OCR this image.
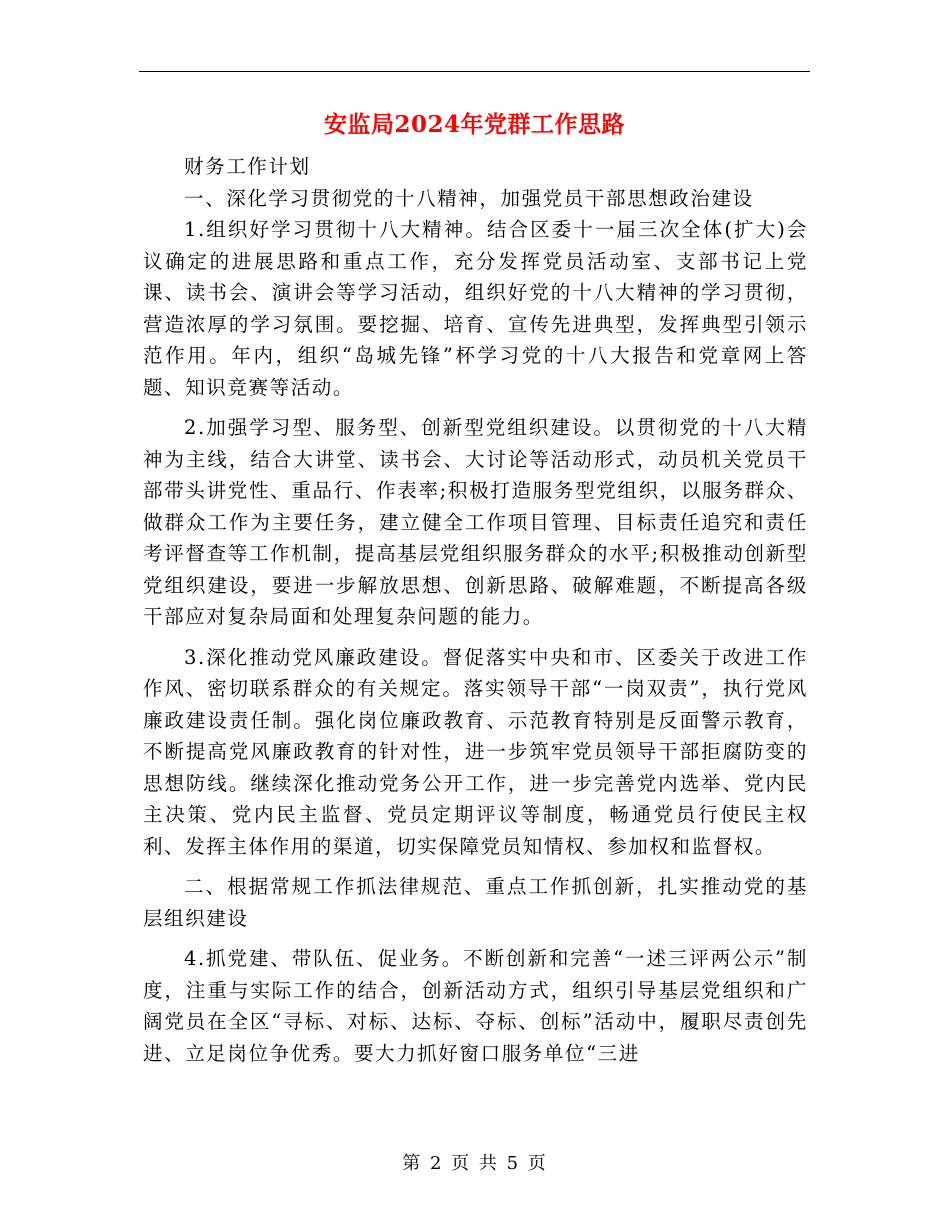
安监局2024年党群工作思路

财务工作计划

一、深化学习贯彻党的十八精神，加强党员干部思想政治建设

1.组织好学习贯彻十八大精神。结合区委十一届三次全体(扩大)会议确定的进展思路和重点工作，充分发挥党员活动室、支部书记上党课、读书会、演讲会等学习活动，组织好党的十八大精神的学习贯彻，营造浓厚的学习氛围。要挖掘、培育、宣传先进典型，发挥典型引领示范作用。年内，组织“岛城先锋”杯学习党的十八大报告和党章网上答题、知识竞赛等活动。

2.加强学习型、服务型、创新型党组织建设。以贯彻党的十八大精神为主线，结合大讲堂、读书会、大讨论等活动形式，动员机关党员干部带头讲党性、重品行、作表率;积极打造服务型党组织，以服务群众、做群众工作为主要任务，建立健全工作项目管理、目标责任追究和责任考评督查等工作机制，提高基层党组织服务群众的水平;积极推动创新型党组织建设，要进一步解放思想、创新思路、破解难题，不断提高各级干部应对复杂局面和处理复杂问题的能力。

3.深化推动党风廉政建设。督促落实中央和市、区委关于改进工作作风、密切联系群众的有关规定。落实领导干部“一岗双责”，执行党风廉政建设责任制。强化岗位廉政教育、示范教育特别是反面警示教育，不断提高党风廉政教育的针对性，进一步筑牢党员领导干部拒腐防变的思想防线。继续深化推动党务公开工作，进一步完善党内选举、党内民主决策、党内民主监督、党员定期评议等制度，畅通党员行使民主权利、发挥主体作用的渠道，切实保障党员知情权、参加权和监督权。

二、根据常规工作抓法律规范、重点工作抓创新，扎实推动党的基层组织建设

4.抓党建、带队伍、促业务。不断创新和完善“一述三评两公示”制度，注重与实际工作的结合，创新活动方式，组织引导基层党组织和广阔党员在全区“寻标、对标、达标、夺标、创标”活动中，履职尽责创先进、立足岗位争优秀。要大力抓好窗口服务单位“三进

第 2 页 共 5 页
